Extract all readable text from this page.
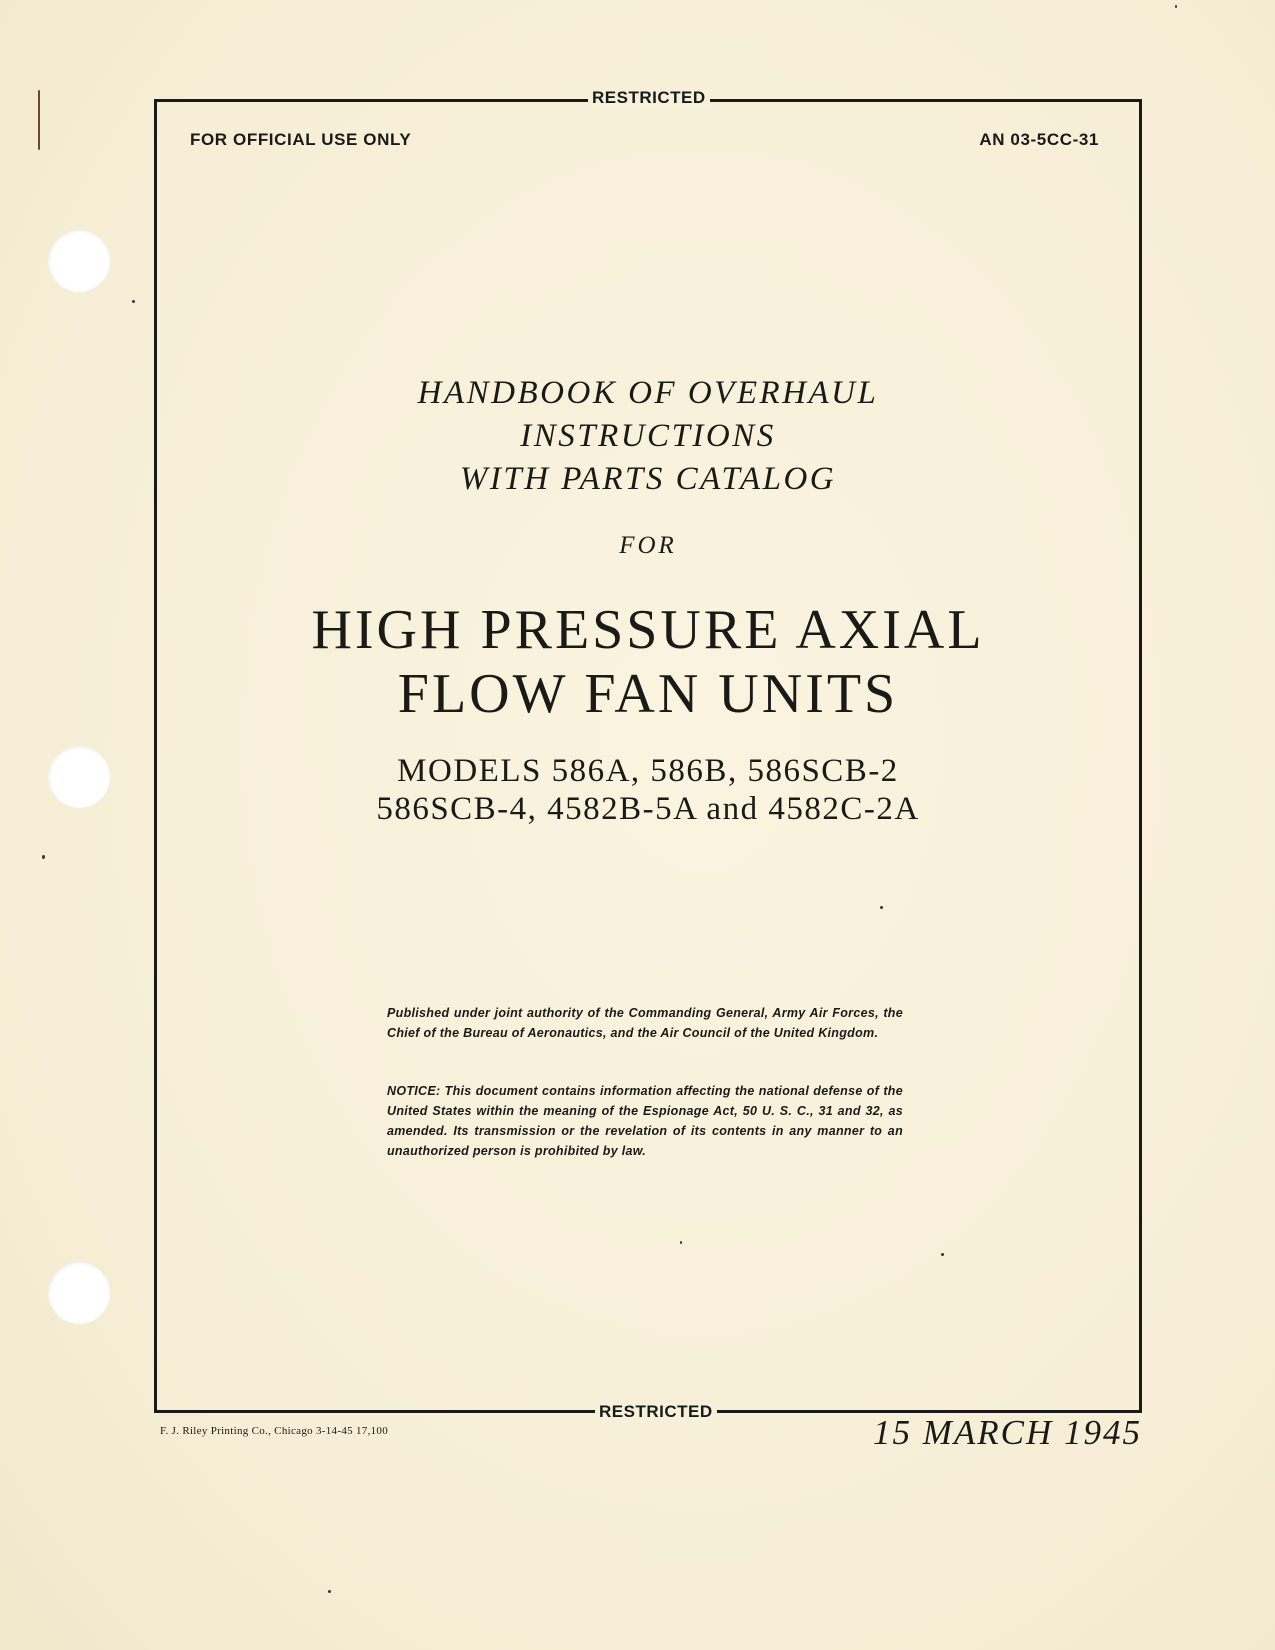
RESTRICTED
FOR OFFICIAL USE ONLY	AN 03-5CC-31
HANDBOOK OF OVERHAUL
INSTRUCTIONS
WITH PARTS CATALOG
FOR
HIGH PRESSURE AXIAL
FLOW FAN UNITS
MODELS 586A, 586B, 586SCB-2
586SCB-4, 4582B-5A and 4582C-2A
Published under joint authority of the Commanding General, Army Air Forces, the Chief of the Bureau of Aeronautics, and the Air Council of the United Kingdom.
NOTICE: This document contains information affecting the national defense of the United States within the meaning of the Espionage Act, 50 U. S. C., 31 and 32, as amended. Its transmission or the revelation of its contents in any manner to an unauthorized person is prohibited by law.
RESTRICTED
F. J. Riley Printing Co., Chicago 3-14-45 17,100	15 MARCH 1945
